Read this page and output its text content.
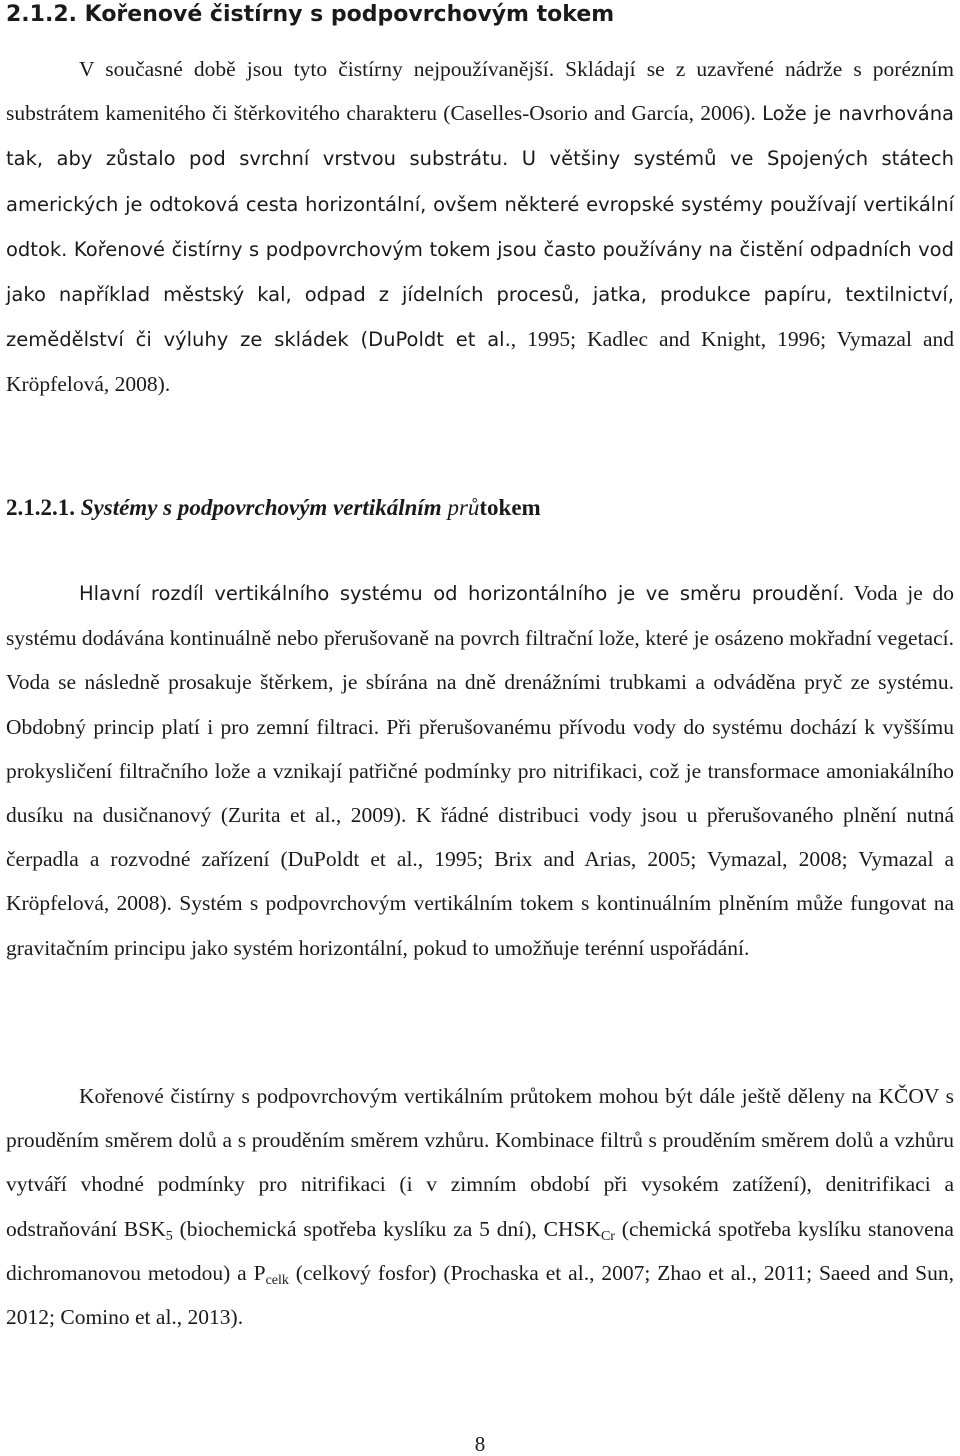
2.1.2. Kořenové čistírny s podpovrchovým tokem

V současné době jsou tyto čistírny nejpoužívanější. Skládají se z uzavřené nádrže s porézním substrátem kamenitého či štěrkovitého charakteru (Caselles-Osorio and García, 2006). Lože je navrhována tak, aby zůstalo pod svrchní vrstvou substrátu. U většiny systémů ve Spojených státech amerických je odtoková cesta horizontální, ovšem některé evropské systémy používají vertikální odtok. Kořenové čistírny s podpovrchovým tokem jsou často používány na čistění odpadních vod jako například městský kal, odpad z jídelních procesů, jatka, produkce papíru, textilnictví, zemědělství či výluhy ze skládek (DuPoldt et al., 1995; Kadlec and Knight, 1996; Vymazal and Kröpfelová, 2008).

2.1.2.1. Systémy s podpovrchovým vertikálním průtokem

Hlavní rozdíl vertikálního systému od horizontálního je ve směru proudění. Voda je do systému dodávána kontinuálně nebo přerušovaně na povrch filtrační lože, které je osázeno mokřadní vegetací. Voda se následně prosakuje štěrkem, je sbírána na dně drenážními trubkami a odváděna pryč ze systému. Obdobný princip platí i pro zemní filtraci. Při přerušovanému přívodu vody do systému dochází k vyššímu prokysličení filtračního lože a vznikají patřičné podmínky pro nitrifikaci, což je transformace amoniakálního dusíku na dusičnanový (Zurita et al., 2009). K řádné distribuci vody jsou u přerušovaného plnění nutná čerpadla a rozvodné zařízení (DuPoldt et al., 1995; Brix and Arias, 2005; Vymazal, 2008; Vymazal a Kröpfelová, 2008). Systém s podpovrchovým vertikálním tokem s kontinuálním plněním může fungovat na gravitačním principu jako systém horizontální, pokud to umožňuje terénní uspořádání.

Kořenové čistírny s podpovrchovým vertikálním průtokem mohou být dále ještě děleny na KČOV s prouděním směrem dolů a s prouděním směrem vzhůru. Kombinace filtrů s prouděním směrem dolů a vzhůru vytváří vhodné podmínky pro nitrifikaci (i v zimním období při vysokém zatížení), denitrifikaci a odstraňování $BSK_5$ (biochemická spotřeba kyslíku za 5 dní), $CHSK_{Cr}$ (chemická spotřeba kyslíku stanovena dichromanovou metodou) a $P_{celk}$ (celkový fosfor) (Prochaska et al., 2007; Zhao et al., 2011; Saeed and Sun, 2012; Comino et al., 2013).

8
